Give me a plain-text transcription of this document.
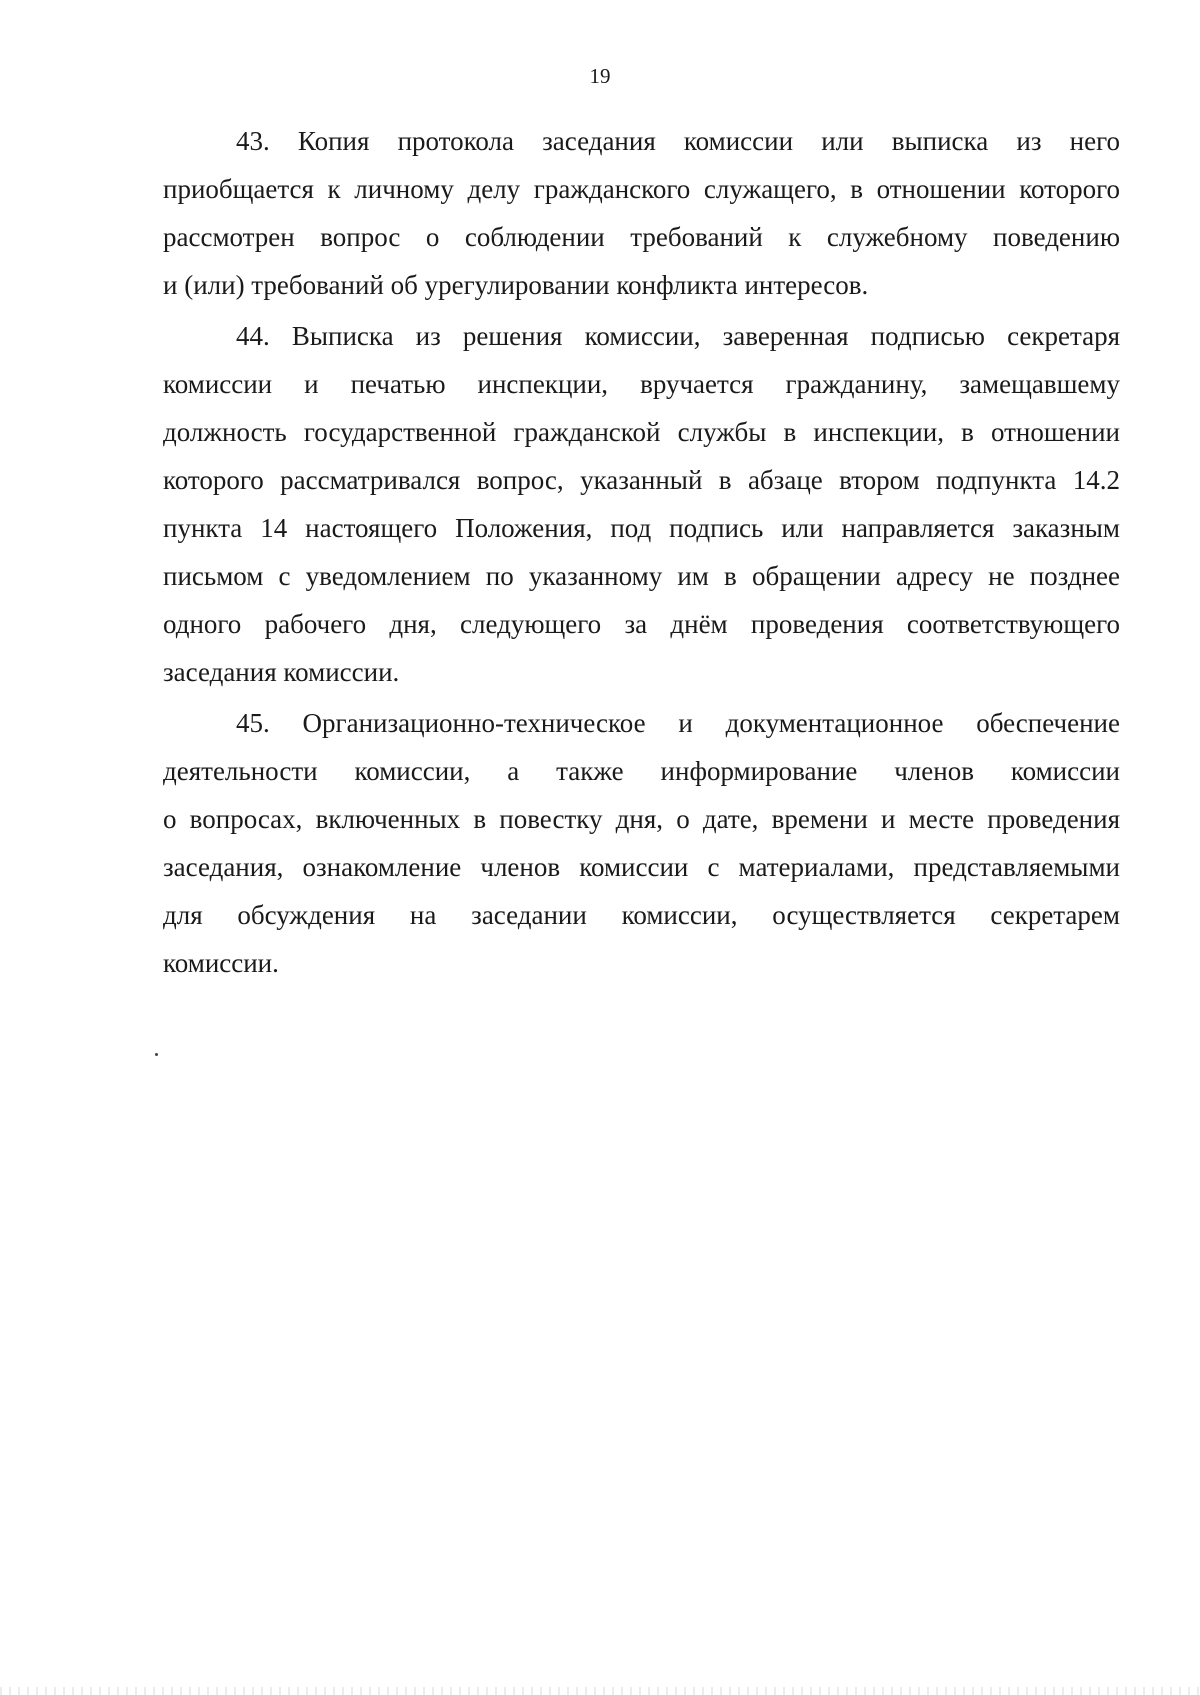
19

43. Копия протокола заседания комиссии или выписка из него
приобщается к личному делу гражданского служащего, в отношении которого
рассмотрен вопрос о соблюдении требований к служебному поведению
и (или) требований об урегулировании конфликта интересов.

44. Выписка из решения комиссии, заверенная подписью секретаря
комиссии и печатью инспекции, вручается гражданину, замещавшему
должность государственной гражданской службы в инспекции, в отношении
которого рассматривался вопрос, указанный в абзаце втором подпункта 14.2
пункта 14 настоящего Положения, под подпись или направляется заказным
письмом с уведомлением по указанному им в обращении адресу не позднее
одного рабочего дня, следующего за днём проведения соответствующего
заседания комиссии.

45. Организационно-техническое и документационное обеспечение
деятельности комиссии, а также информирование членов комиссии
о вопросах, включенных в повестку дня, о дате, времени и месте проведения
заседания, ознакомление членов комиссии с материалами, представляемыми
для обсуждения на заседании комиссии, осуществляется секретарем
комиссии.
